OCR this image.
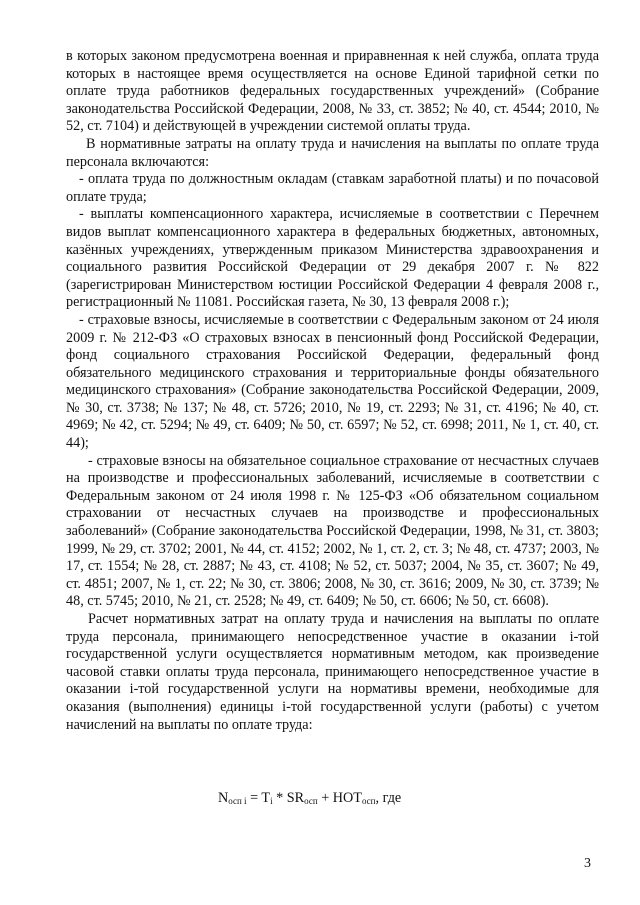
в которых законом предусмотрена военная и приравненная к ней служба, оплата труда которых в настоящее время осуществляется на основе Единой тарифной сетки по оплате труда работников федеральных государственных учреждений» (Собрание законодательства Российской Федерации, 2008, № 33, ст. 3852; № 40, ст. 4544; 2010, № 52, ст. 7104) и действующей в учреждении системой оплаты труда.

В нормативные затраты на оплату труда и начисления на выплаты по оплате труда персонала включаются:

- оплата труда по должностным окладам (ставкам заработной платы) и по почасовой оплате труда;

- выплаты компенсационного характера, исчисляемые в соответствии с Перечнем видов выплат компенсационного характера в федеральных бюджетных, автономных, казённых учреждениях, утвержденным приказом Министерства здравоохранения и социального развития Российской Федерации от 29 декабря 2007 г. № 822 (зарегистрирован Министерством юстиции Российской Федерации 4 февраля 2008 г., регистрационный № 11081. Российская газета, № 30, 13 февраля 2008 г.);

- страховые взносы, исчисляемые в соответствии с Федеральным законом от 24 июля 2009 г. № 212-ФЗ «О страховых взносах в пенсионный фонд Российской Федерации, фонд социального страхования Российской Федерации, федеральный фонд обязательного медицинского страхования и территориальные фонды обязательного медицинского страхования» (Собрание законодательства Российской Федерации, 2009, № 30, ст. 3738; № 137; № 48, ст. 5726; 2010, № 19, ст. 2293; № 31, ст. 4196; № 40, ст. 4969; № 42, ст. 5294; № 49, ст. 6409; № 50, ст. 6597; № 52, ст. 6998; 2011, № 1, ст. 40, ст. 44);

- страховые взносы на обязательное социальное страхование от несчастных случаев на производстве и профессиональных заболеваний, исчисляемые в соответствии с Федеральным законом от 24 июля 1998 г. № 125-ФЗ «Об обязательном социальном страховании от несчастных случаев на производстве и профессиональных заболеваний» (Собрание законодательства Российской Федерации, 1998, № 31, ст. 3803; 1999, № 29, ст. 3702; 2001, № 44, ст. 4152; 2002, № 1, ст. 2, ст. 3; № 48, ст. 4737; 2003, № 17, ст. 1554; № 28, ст. 2887; № 43, ст. 4108; № 52, ст. 5037; 2004, № 35, ст. 3607; № 49, ст. 4851; 2007, № 1, ст. 22; № 30, ст. 3806; 2008, № 30, ст. 3616; 2009, № 30, ст. 3739; № 48, ст. 5745; 2010, № 21, ст. 2528; № 49, ст. 6409; № 50, ст. 6606; № 50, ст. 6608).

Расчет нормативных затрат на оплату труда и начисления на выплаты по оплате труда персонала, принимающего непосредственное участие в оказании i-той государственной услуги осуществляется нормативным методом, как произведение часовой ставки оплаты труда персонала, принимающего непосредственное участие в оказании i-той государственной услуги на нормативы времени, необходимые для оказания (выполнения) единицы i-той государственной услуги (работы) с учетом начислений на выплаты по оплате труда:

$N_{осп i} = T_i * SR_{осп} + НОТ_{осп}$, где
3
